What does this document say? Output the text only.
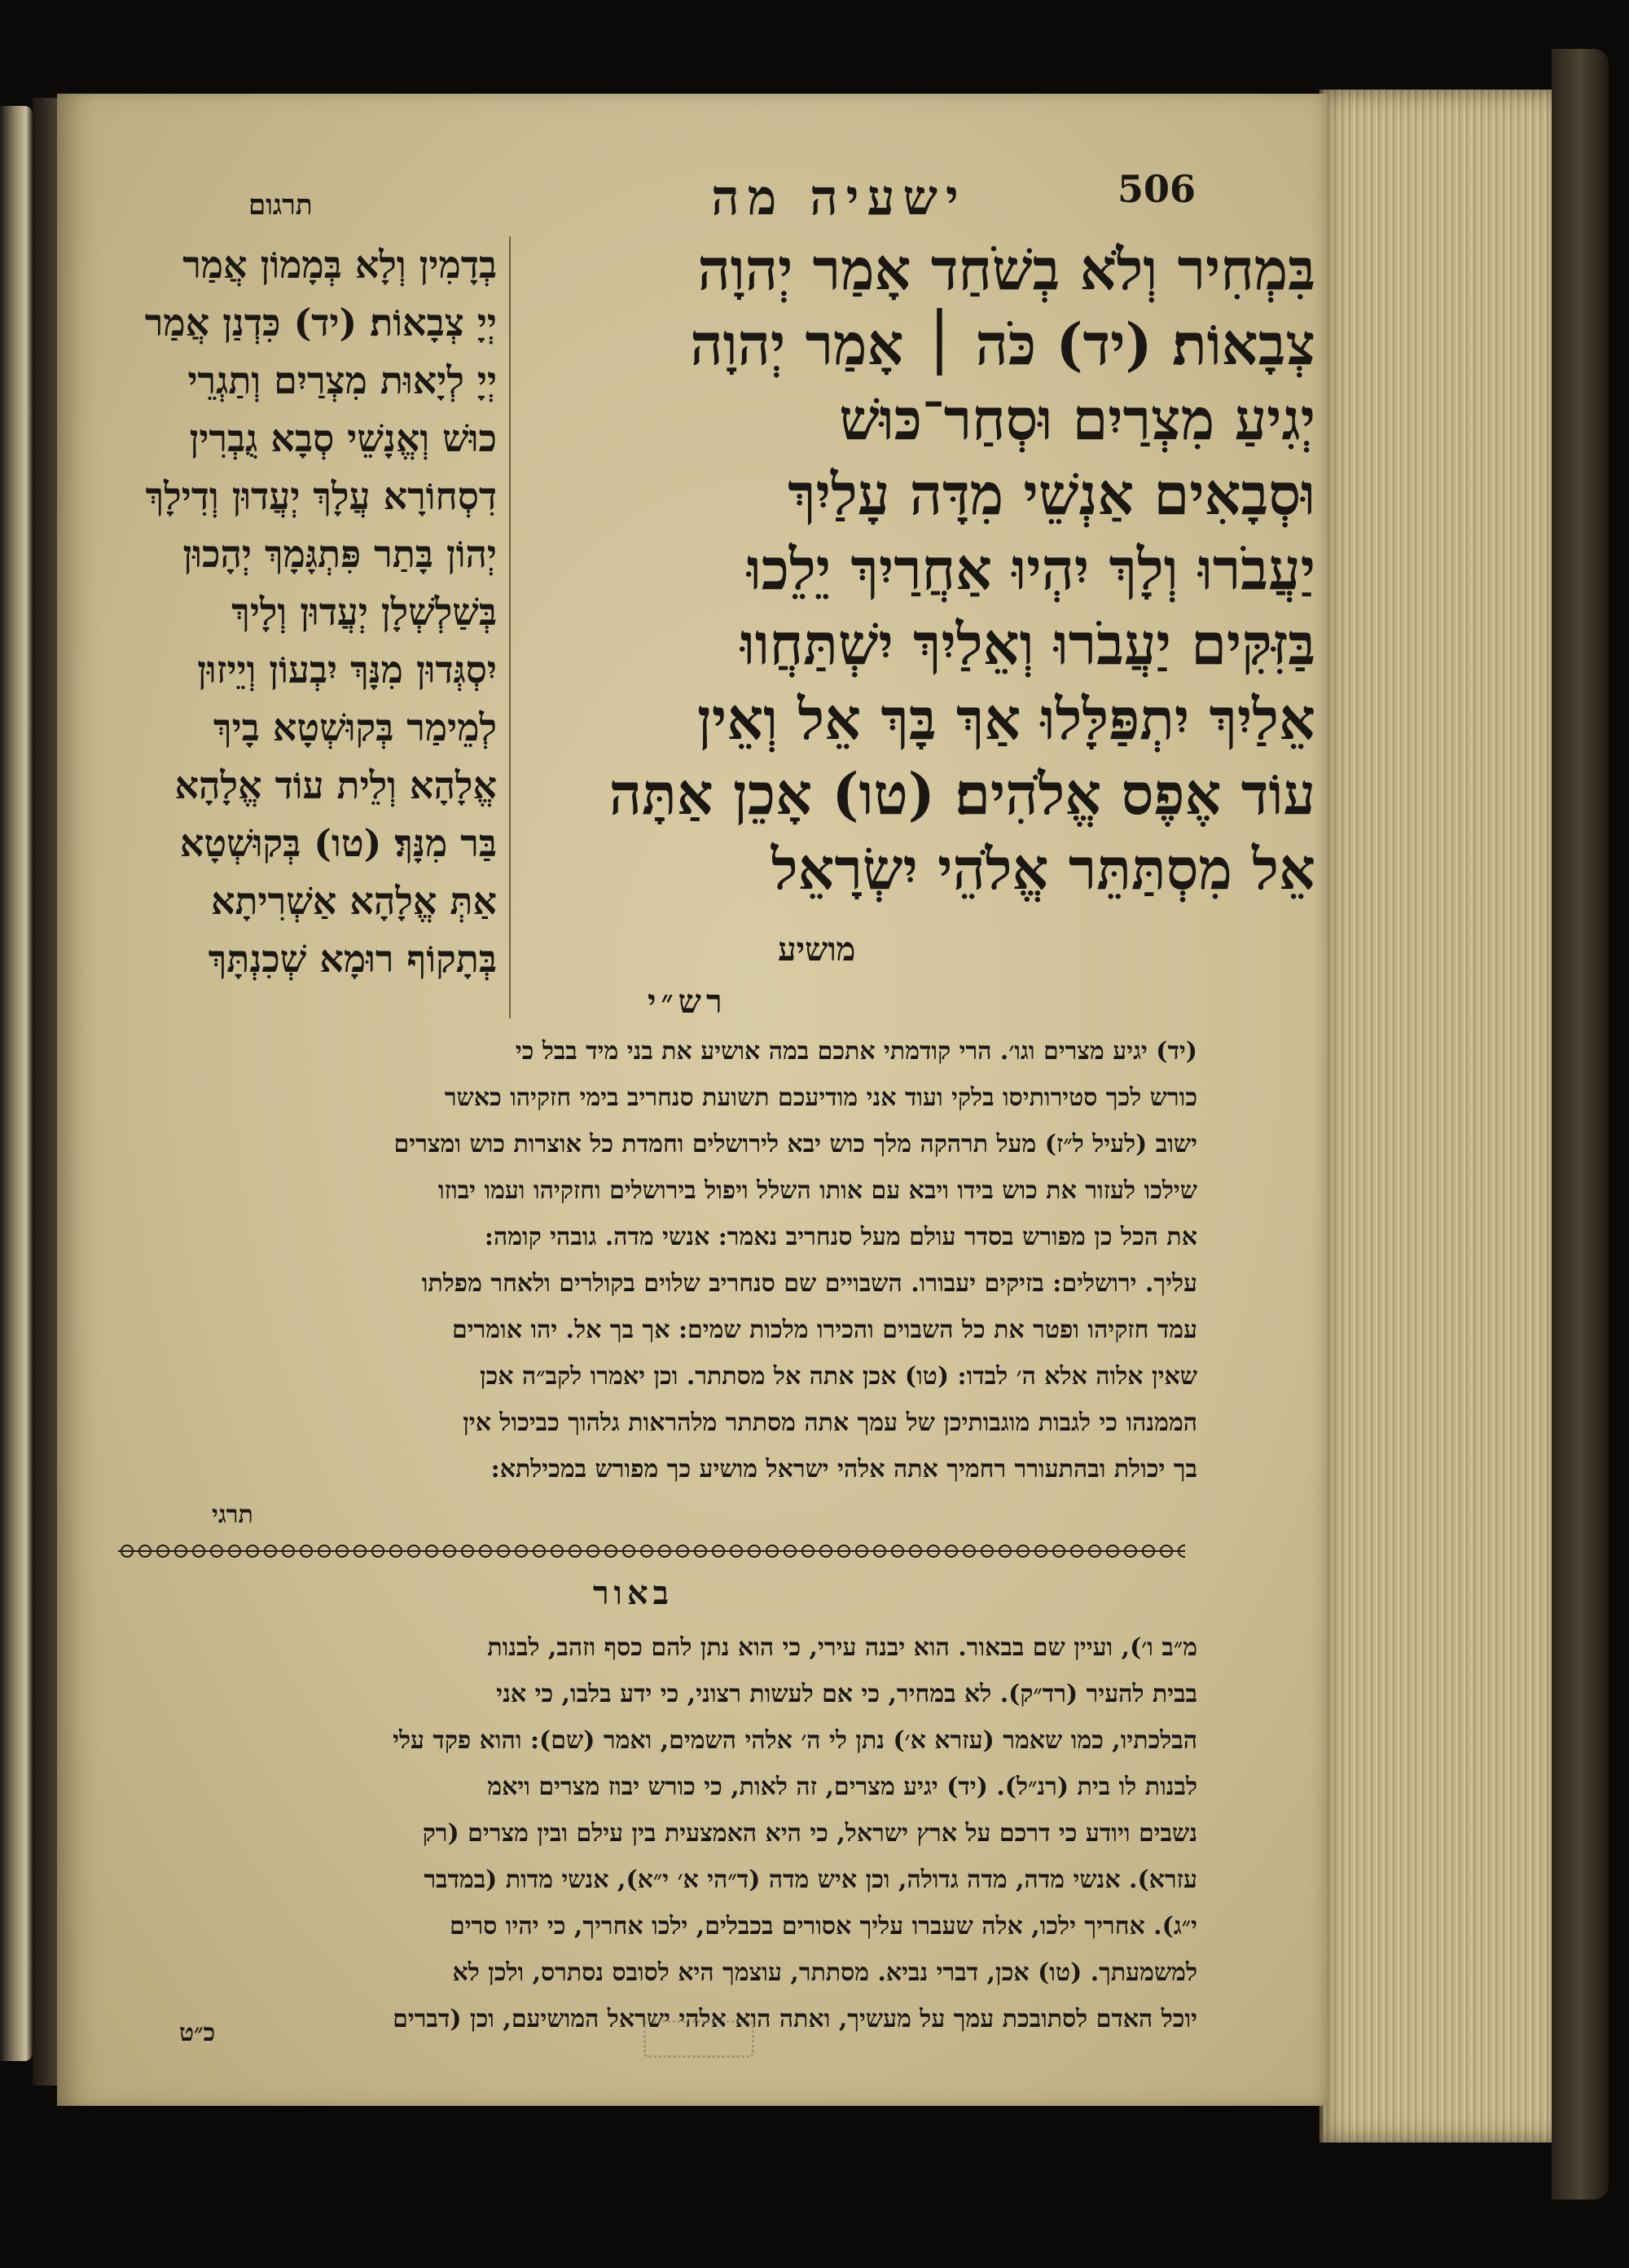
תרגום	ישעיה מה	506
בְדָמִין וְלָא בְּמָמוֹן אֲמַר
יְיָ צְבָאוֹת׃ (יד) כִּדְנַן אֲמַר
יְיָ לְיָאוּת מִצְרַיִם וְתַגְרֵי
כוּשׁ וְאֱנָשֵׁי סְבָא גֻבְרִין
דִסְחוֹרָא עֲלָךְ יְעֲדוּן וְדִילָךְ
יְהוֹן בָּתַר פִּתְגָּמָךְ יְהָכוּן
בְּשַׁלְשְׁלָן יְעֲדוּן וְלָיךְ
יִסְגְּדוּן מִנָּךְ יִבְעוֹן וְיֵיזוּן
לְמֵימַר בְּקוּשְׁטָא בָיךְ
אֱלָהָא וְלֵית עוֹד אֱלָהָא
בַּר מִנָּךְ׃ (טו) בְּקוּשְׁטָא
אַתְּ אֱלָהָא אַשְׁרִיתָא
בְּתָקוֹף רוּמָא שְׁכִנְתָּךְ
בִּמְחִיר וְלֹא בְשֹׁחַד אָמַר יְהוָה
צְבָאוֹת׃ (יד) כֹּה ׀ אָמַר יְהוָה
יְגִיעַ מִצְרַיִם וּסְחַר־כּוּשׁ
וּסְבָאִים אַנְשֵׁי מִדָּה עָלַיִךְ
יַעֲבֹרוּ וְלָךְ יִהְיוּ אַחֲרַיִךְ יֵלֵכוּ
בַּזִּקִּים יַעֲבֹרוּ וְאֵלַיִךְ יִשְׁתַּחֲווּ
אֵלַיִךְ יִתְפַּלָּלוּ אַךְ בָּךְ אֵל וְאֵין
עוֹד אֶפֶס אֱלֹהִים׃ (טו) אָכֵן אַתָּה
אֵל מִסְתַּתֵּר אֱלֹהֵי יִשְׂרָאֵל
מושיע
רש״י
(יד) יגיע מצרים וגו׳. הרי קודמתי אתכם במה אושיע את בני מיד בבל כי
כורש לכך סטירותיסו בלקי ועוד אני מודיעכם תשועת סנחריב בימי חזקיהו כאשר
ישוב (לעיל ל״ז) מעל תרהקה מלך כוש יבא לירושלים וחמדת כל אוצרות כוש ומצרים
שילכו לעזור את כוש בידו ויבא עם אותו השלל ויפול בירושלים וחזקיהו ועמו יבוזו
את הכל כן מפורש בסדר עולם מעל סנחריב נאמר: אנשי מדה. גובהי קומה:
עליך. ירושלים: בזיקים יעבורו. השבויים שם סנחריב שלוים בקולרים ולאחר מפלתו
עמד חזקיהו ופטר את כל השבוים והכירו מלכות שמים: אך בך אל. יהו אומרים
שאין אלוה אלא ה׳ לבדו: (טו) אכן אתה אל מסתתר. וכן יאמרו לקב״ה אכן
הממנהו כי לגבות מוגבותיכן של עמך אתה מסתתר מלהראות גלהוך כביכול אין
בך יכולת ובהתעורר רחמיך אתה אלהי ישראל מושיע כך מפורש במכילתא:
תרגי
באור
מ״ב ו׳), ועיין שם בבאור. הוא יבנה עירי, כי הוא נתן להם כסף וזהב, לבנות
בבית להעיר (רד״ק). לא במחיר, כי אם לעשות רצוני, כי ידע בלבו, כי אני
הבלכתיו, כמו שאמר (עזרא א׳) נתן לי ה׳ אלהי השמים, ואמר (שם): והוא פקד עלי
לבנות לו בית (רנ״ל). (יד) יגיע מצרים, זה לאות, כי כורש יבוז מצרים ויאמ
נשבים ויודע כי דרכם על ארץ ישראל, כי היא האמצעית בין עילם ובין מצרים (רק
עזרא). אנשי מדה, מדה גדולה, וכן איש מדה (ד״הי א׳ י״א), אנשי מדות (במדבר
י״ג). אחריך ילכו, אלה שעברו עליך אסורים בכבלים, ילכו אחריך, כי יהיו סרים
למשמעתך. (טו) אכן, דברי נביא. מסתתר, עוצמך היא לסובס נסתרס, ולכן לא
יוכל האדם לסתובכת עמך על מעשיך, ואתה הוא אלהי ישראל המושיעם, וכן (דברים
כ״ט
